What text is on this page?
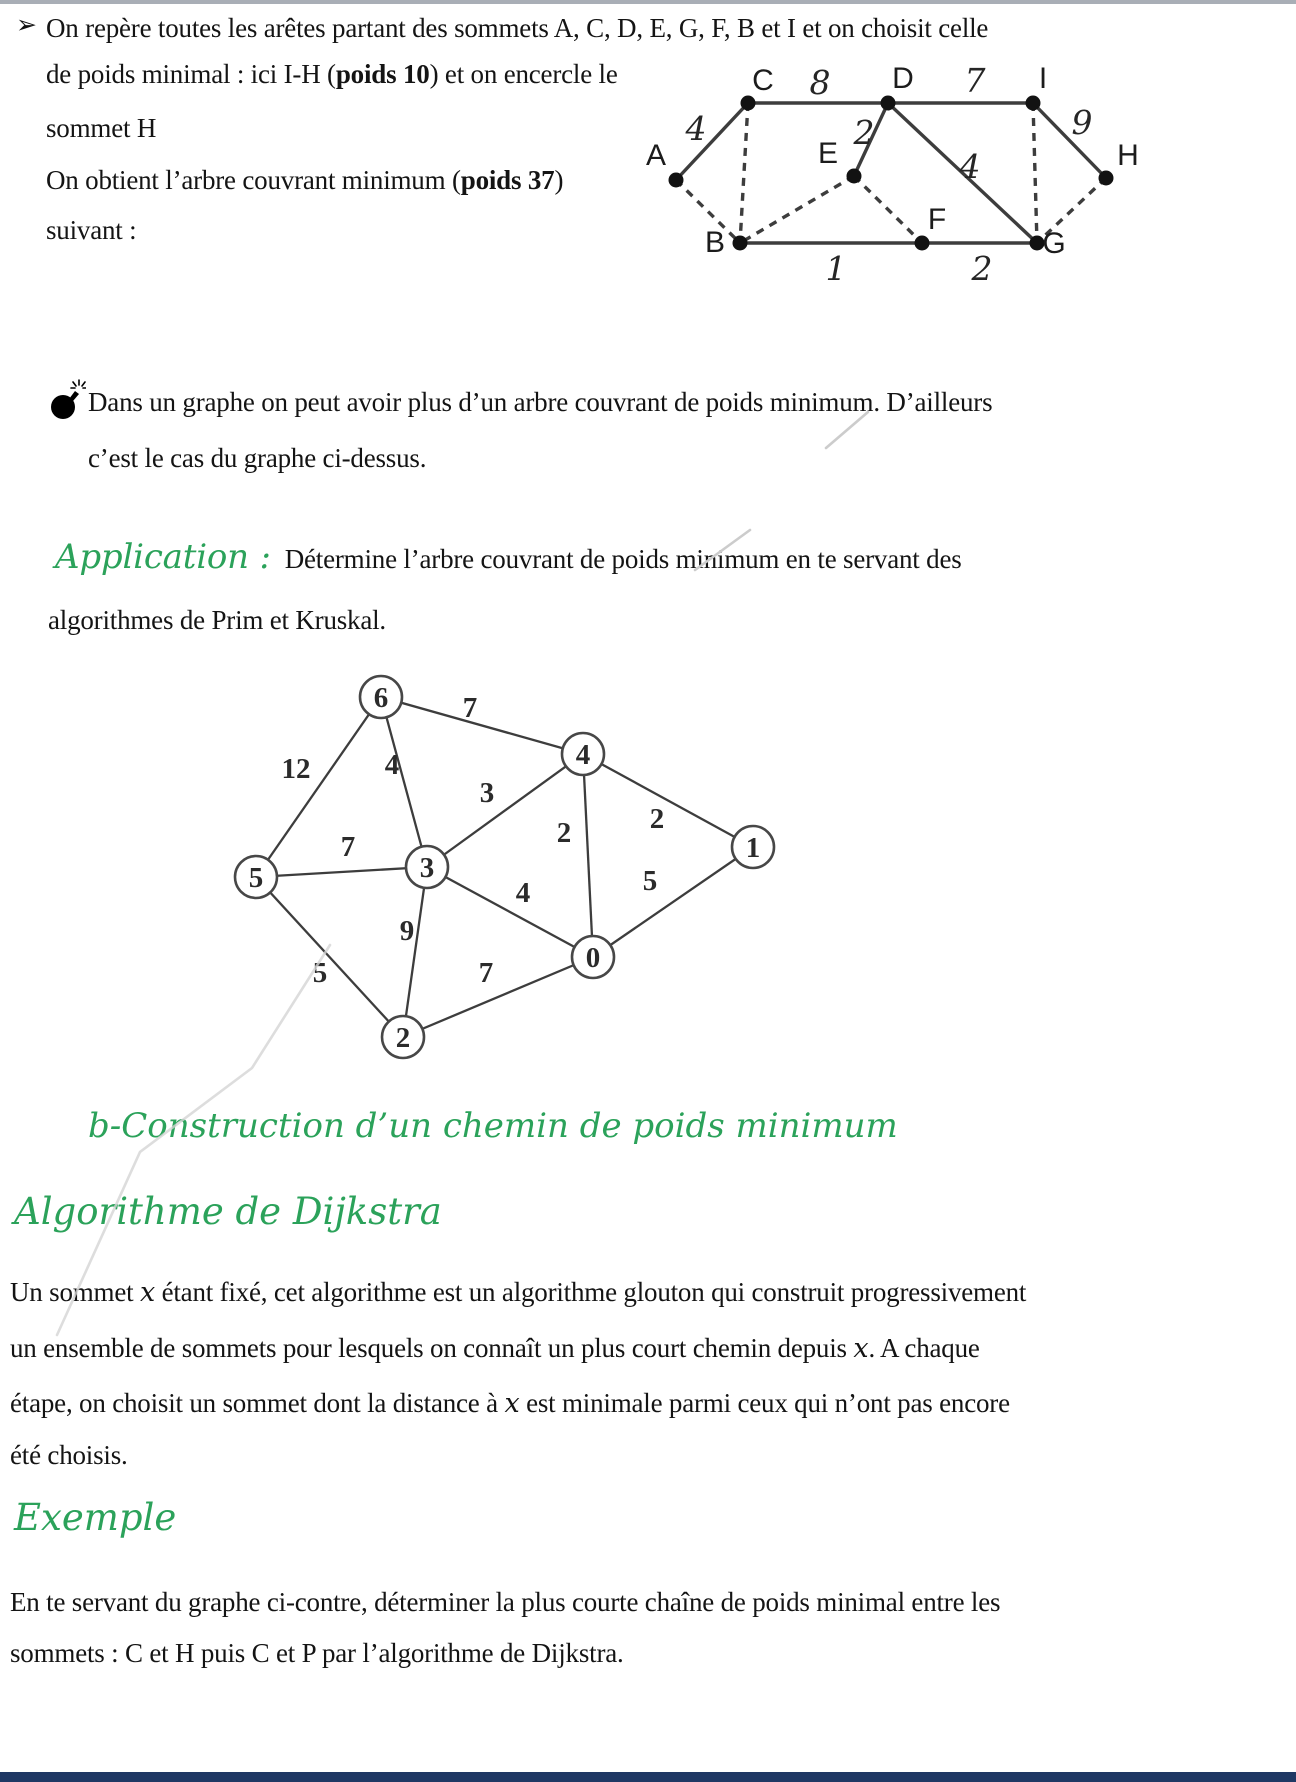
➢ On repère toutes les arêtes partant des sommets A, C, D, E, G, F, B et I et on choisit celle
de poids minimal : ici I-H (poids 10) et on encercle le
sommet H
On obtient l’arbre couvrant minimum (poids 37)
suivant :
4
8	7
9
2
4
1	2
A
C	D	I
E	H
B
F
G
Dans un graphe on peut avoir plus d’un arbre couvrant de poids minimum. D’ailleurs
c’est le cas du graphe ci-dessus.
Application : Détermine l’arbre couvrant de poids minimum en te servant des
algorithmes de Prim et Kruskal.
7
12	4
3
7	2	2
5
4
9
5	7
6
4
1
3
5
0
2
b-Construction d’un chemin de poids minimum
Algorithme de Dijkstra
Un sommet x étant fixé, cet algorithme est un algorithme glouton qui construit progressivement
un ensemble de sommets pour lesquels on connaît un plus court chemin depuis x. A chaque
étape, on choisit un sommet dont la distance à x est minimale parmi ceux qui n’ont pas encore
été choisis.
Exemple
En te servant du graphe ci-contre, déterminer la plus courte chaîne de poids minimal entre les
sommets : C et H puis C et P par l’algorithme de Dijkstra.
